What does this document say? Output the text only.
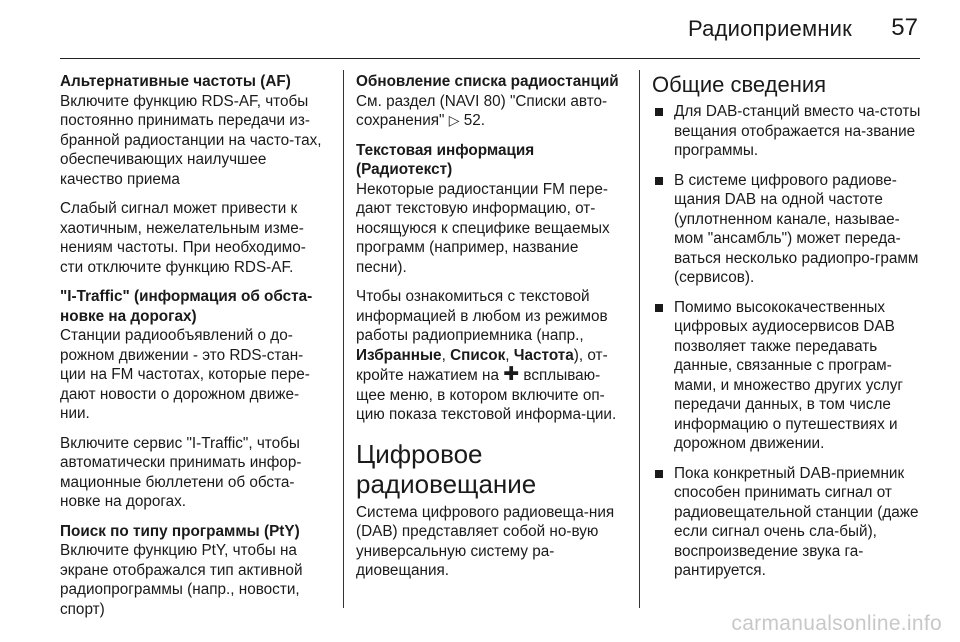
Радиоприемник 57
Альтернативные частоты (AF)
Включите функцию RDS-AF, чтобы постоянно принимать передачи из-бранной радиостанции на часто-тах, обеспечивающих наилучшее качество приема
Слабый сигнал может привести к хаотичным, нежелательным изме-нениям частоты. При необходимо-сти отключите функцию RDS-AF.
"I-Traffic" (информация об обста-новке на дорогах)
Станции радиообъявлений о до-рожном движении - это RDS-стан-ции на FM частотах, которые пере-дают новости о дорожном движе-нии.
Включите сервис "I-Traffic", чтобы автоматически принимать инфор-мационные бюллетени об обста-новке на дорогах.
Поиск по типу программы (PtY)
Включите функцию PtY, чтобы на экране отображался тип активной радиопрограммы (напр., новости, спорт)
Обновление списка радиостанций
См. раздел (NAVI 80) "Списки авто-сохранения" ▷ 52.
Текстовая информация (Радиотекст)
Некоторые радиостанции FM пере-дают текстовую информацию, от-носящуюся к специфике вещаемых программ (например, название песни).
Чтобы ознакомиться с текстовой информацией в любом из режимов работы радиоприемника (напр., Избранные, Список, Частота), от-кройте нажатием на ✚ всплываю-щее меню, в котором включите оп-цию показа текстовой информа-ции.
Цифровое радиовещание
Система цифрового радиовеща-ния (DAB) представляет собой но-вую универсальную систему ра-диовещания.
Общие сведения
Для DAB-станций вместо ча-стоты вещания отображается на-звание программы.
В системе цифрового радиове-щания DAB на одной частоте (уплотненном канале, называе-мом "ансамбль") может переда-ваться несколько радиопро-грамм (сервисов).
Помимо высококачественных цифровых аудиосервисов DAB позволяет также передавать данные, связанные с програм-мами, и множество других услуг передачи данных, в том числе информацию о путешествиях и дорожном движении.
Пока конкретный DAB-приемник способен принимать сигнал от радиовещательной станции (даже если сигнал очень сла-бый), воспроизведение звука га-рантируется.
carmanualsonline.info
